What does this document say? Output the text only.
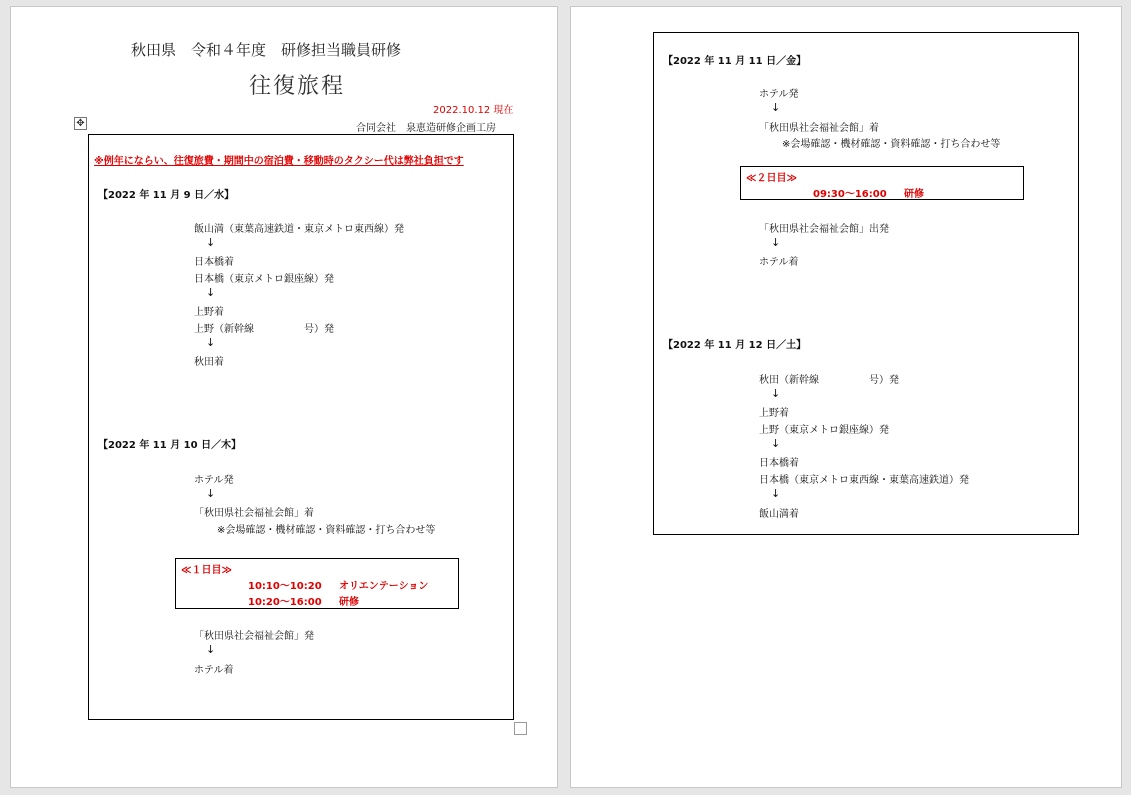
秋田県　令和４年度　研修担当職員研修
往復旅程
2022.10.12 現在
合同会社　泉恵造研修企画工房
✥
※例年にならい、往復旅費・期間中の宿泊費・移動時のタクシー代は弊社負担です
【2022 年 11 月 9 日／水】
飯山満（東葉高速鉄道・東京メトロ東西線）発
↓
日本橋着
日本橋（東京メトロ銀座線）発
↓
上野着
上野（新幹線　　　　　号）発
↓
秋田着
【2022 年 11 月 10 日／木】
ホテル発
↓
「秋田県社会福祉会館」着
※会場確認・機材確認・資料確認・打ち合わせ等
≪１日目≫
10:10～10:20 オリエンテーション
10:20～16:00 研修
「秋田県社会福祉会館」発
↓
ホテル着
【2022 年 11 月 11 日／金】
ホテル発
↓
「秋田県社会福祉会館」着
※会場確認・機材確認・資料確認・打ち合わせ等
≪２日目≫
09:30～16:00 研修
「秋田県社会福祉会館」出発
↓
ホテル着
【2022 年 11 月 12 日／土】
秋田（新幹線　　　　　号）発
↓
上野着
上野（東京メトロ銀座線）発
↓
日本橋着
日本橋（東京メトロ東西線・東葉高速鉄道）発
↓
飯山満着
